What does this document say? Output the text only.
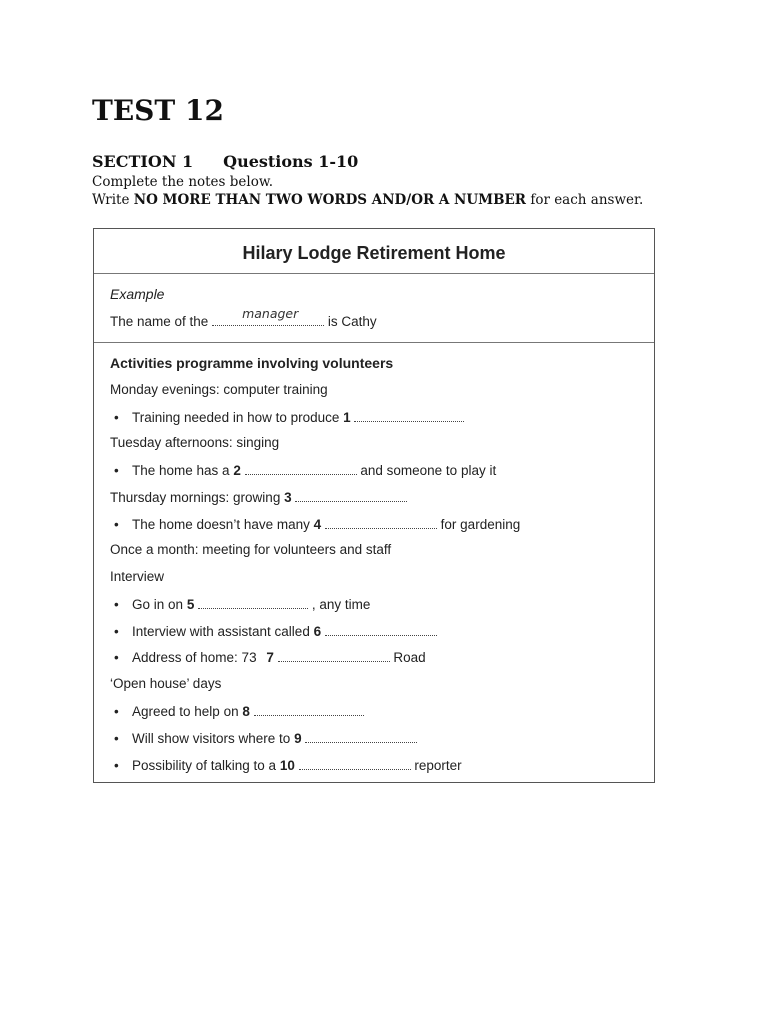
TEST 12
SECTION 1 Questions 1-10
Complete the notes below.
Write NO MORE THAN TWO WORDS AND/OR A NUMBER for each answer.
Hilary Lodge Retirement Home
Example
The name of the
manager
is Cathy
Activities programme involving volunteers
Monday evenings: computer training
• Training needed in how to produce 1
Tuesday afternoons: singing
• The home has a 2	and someone to play it
Thursday mornings: growing 3
• The home doesn’t have many 4	for gardening
Once a month: meeting for volunteers and staff
Interview
• Go in on 5	, any time
• Interview with assistant called 6
• Address of home: 73 7	Road
‘Open house’ days
• Agreed to help on 8
• Will show visitors where to 9
• Possibility of talking to a 10	reporter
